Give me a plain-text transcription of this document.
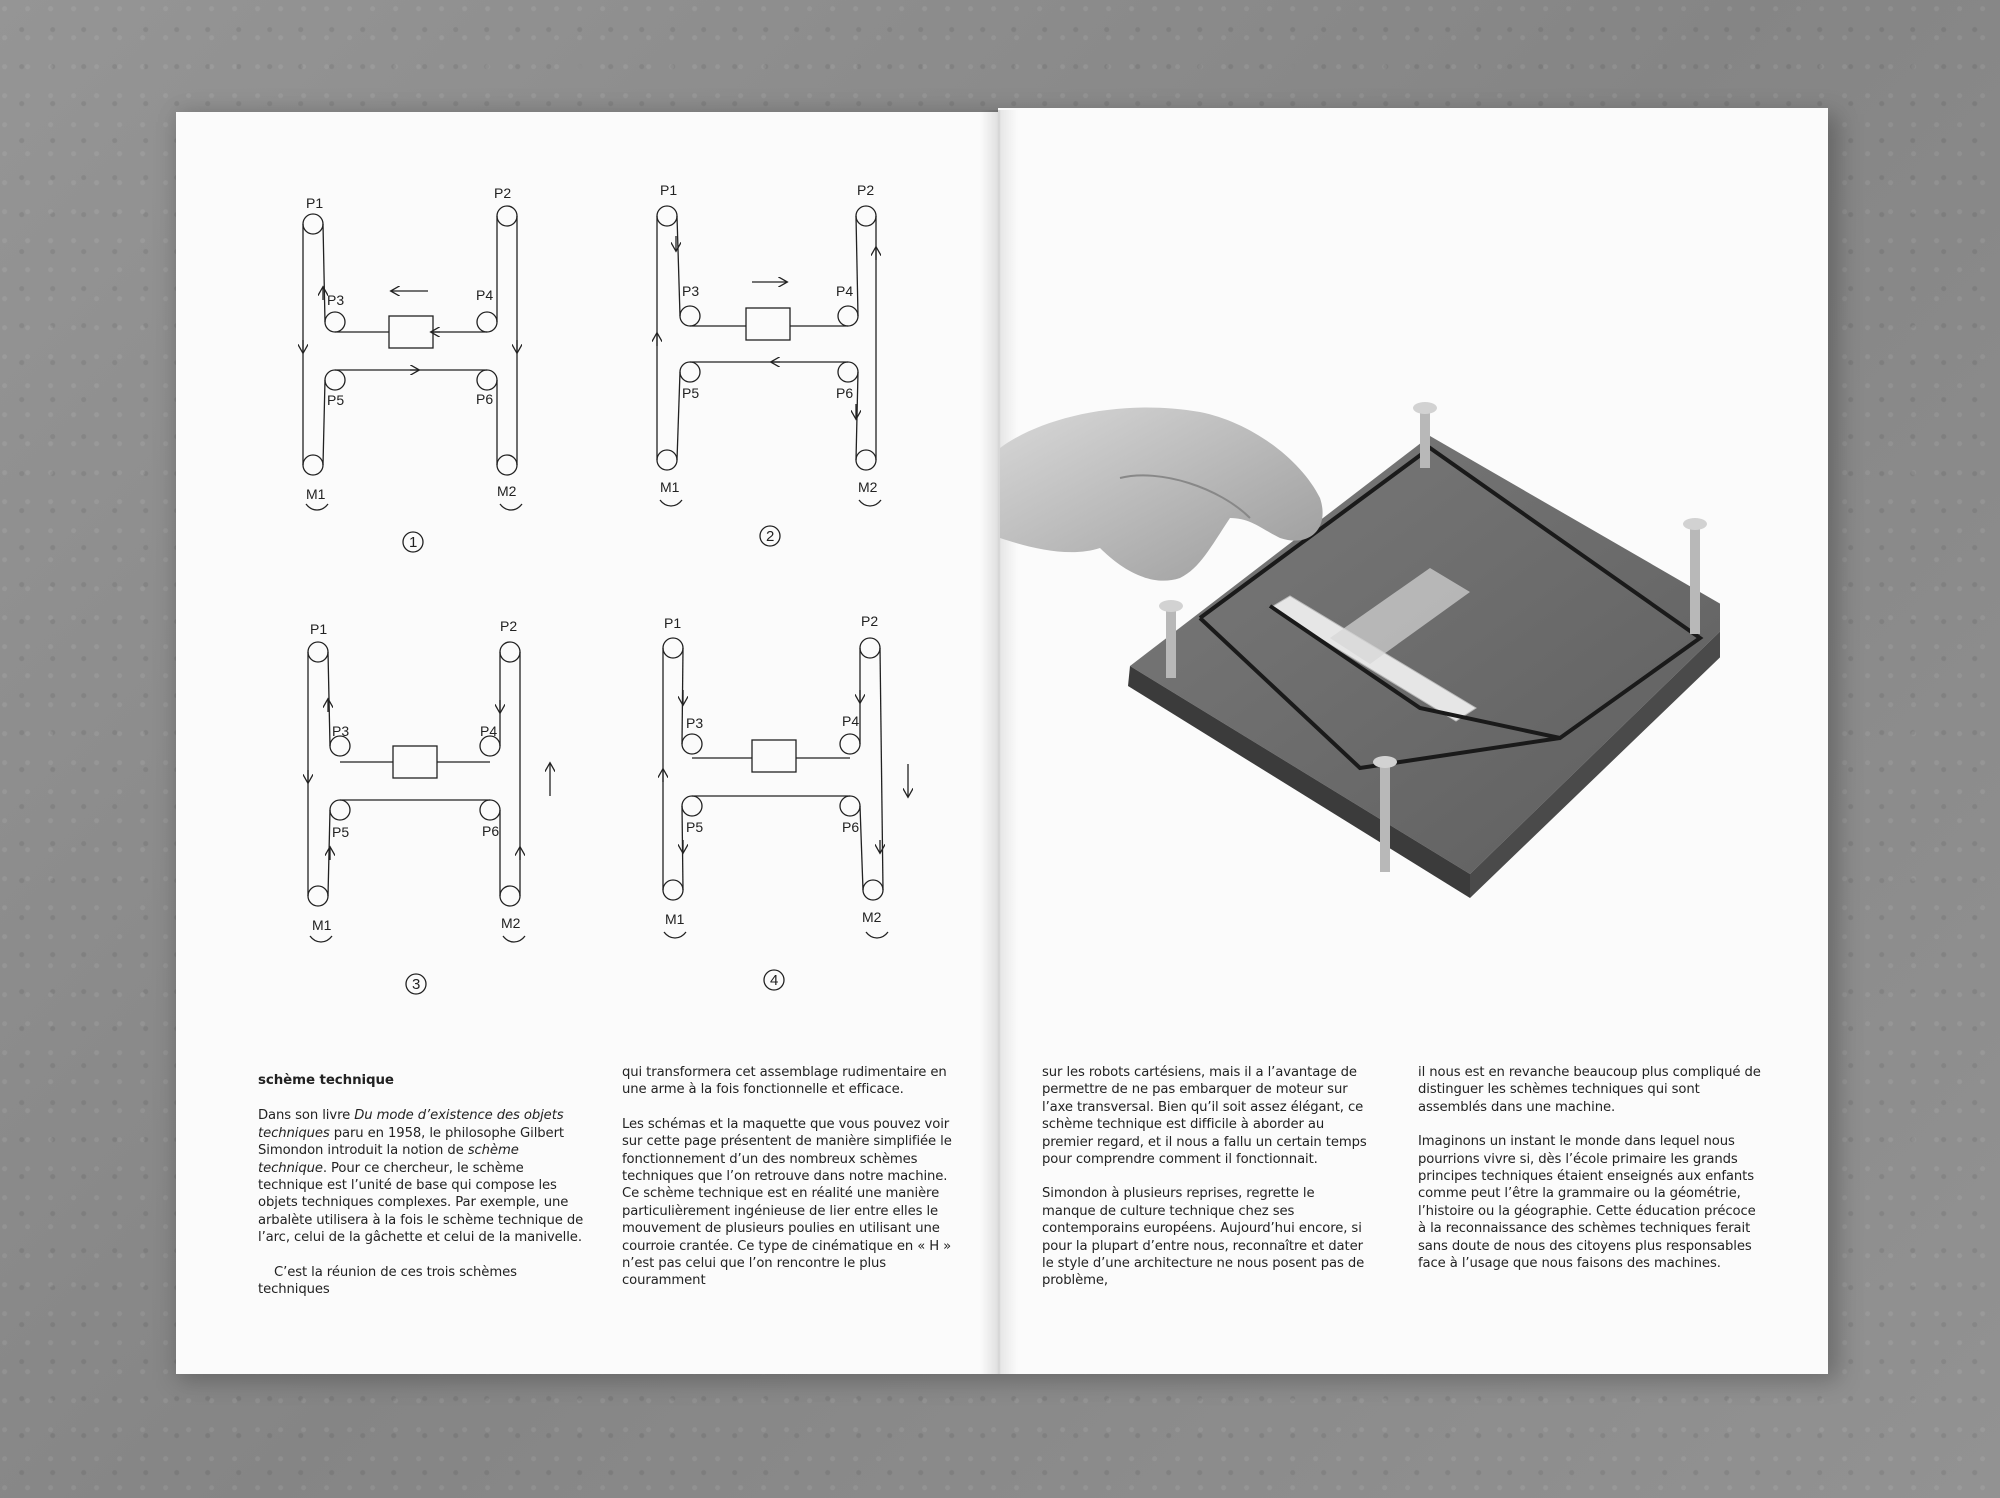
P1
P2
P3	P4
P5	P6
M1	M2
1
P1	P2
P3	P4
P5	P6
M1	M2
2
P1	P2
P3	P4
P5	P6
M1	M2
3
P1	P2
P3	P4
P5	P6
M1	M2
4
schème technique

Dans son livre Du mode d’existence des objets techniques paru en 1958, le philosophe Gilbert Simondon introduit la notion de schème technique. Pour ce chercheur, le schème technique est l’unité de base qui compose les objets techniques complexes. Par exemple, une arbalète utilisera à la fois le schème technique de l’arc, celui de la gâchette et celui de la manivelle.

C’est la réunion de ces trois schèmes techniques

qui transformera cet assemblage rudimentaire en une arme à la fois fonctionnelle et efficace.

Les schémas et la maquette que vous pouvez voir sur cette page présentent de manière simplifiée le fonctionnement d’un des nombreux schèmes techniques que l’on retrouve dans notre machine. Ce schème technique est en réalité une manière particulièrement ingénieuse de lier entre elles le mouvement de plusieurs poulies en utilisant une courroie crantée. Ce type de cinématique en « H » n’est pas celui que l’on rencontre le plus couramment

sur les robots cartésiens, mais il a l’avantage de permettre de ne pas embarquer de moteur sur l’axe transversal. Bien qu’il soit assez élégant, ce schème technique est difficile à aborder au premier regard, et il nous a fallu un certain temps pour comprendre comment il fonctionnait.

Simondon à plusieurs reprises, regrette le manque de culture technique chez ses contemporains européens. Aujourd’hui encore, si pour la plupart d’entre nous, reconnaître et dater le style d’une architecture ne nous posent pas de problème,

il nous est en revanche beaucoup plus compliqué de distinguer les schèmes techniques qui sont assemblés dans une machine.

Imaginons un instant le monde dans lequel nous pourrions vivre si, dès l’école primaire les grands principes techniques étaient enseignés aux enfants comme peut l’être la grammaire ou la géométrie, l’histoire ou la géographie. Cette éducation précoce à la reconnaissance des schèmes techniques ferait sans doute de nous des citoyens plus responsables face à l’usage que nous faisons des machines.
